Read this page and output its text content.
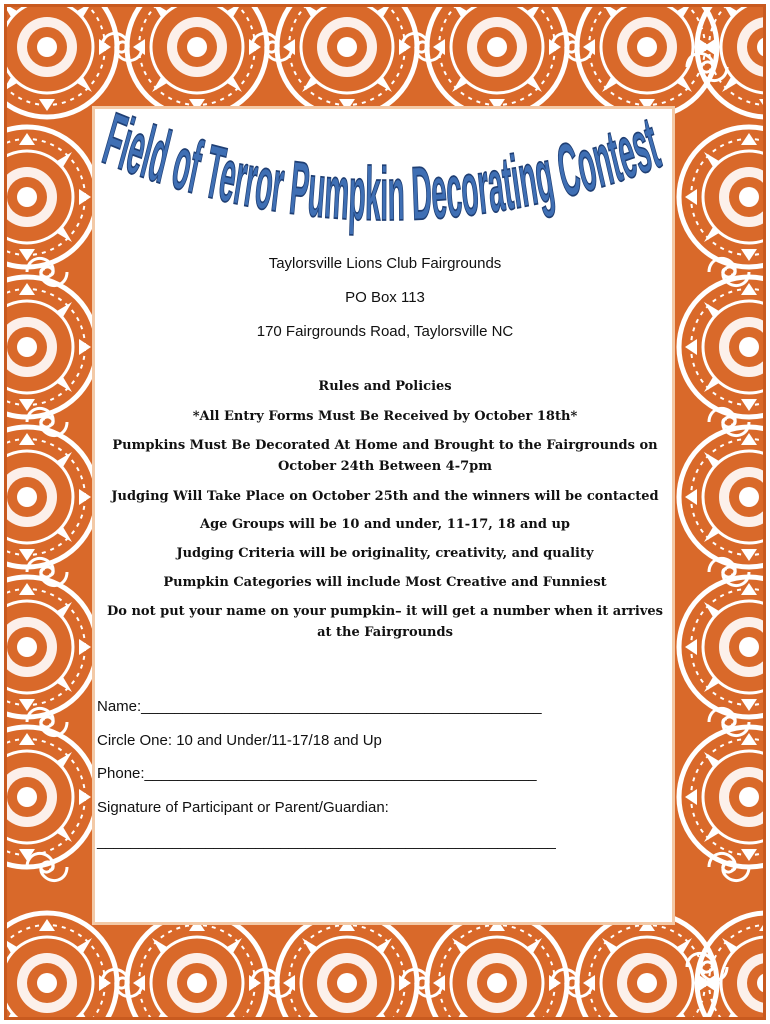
Field of Terror Pumpkin Decorating Contest
Taylorsville Lions Club Fairgrounds
PO Box 113
170 Fairgrounds Road, Taylorsville NC
Rules and Policies
*All Entry Forms Must Be Received by October 18th*
Pumpkins Must Be Decorated At Home and Brought to the Fairgrounds on October 24th Between 4-7pm
Judging Will Take Place on October 25th and the winners will be contacted
Age Groups will be 10 and under, 11-17, 18 and up
Judging Criteria will be originality, creativity, and quality
Pumpkin Categories will include Most Creative and Funniest
Do not put your name on your pumpkin– it will get a number when it arrives at the Fairgrounds
Name:________________________________________________
Circle One: 10 and Under/11-17/18 and Up
Phone:_______________________________________________
Signature of Participant or Parent/Guardian:
_______________________________________________________
